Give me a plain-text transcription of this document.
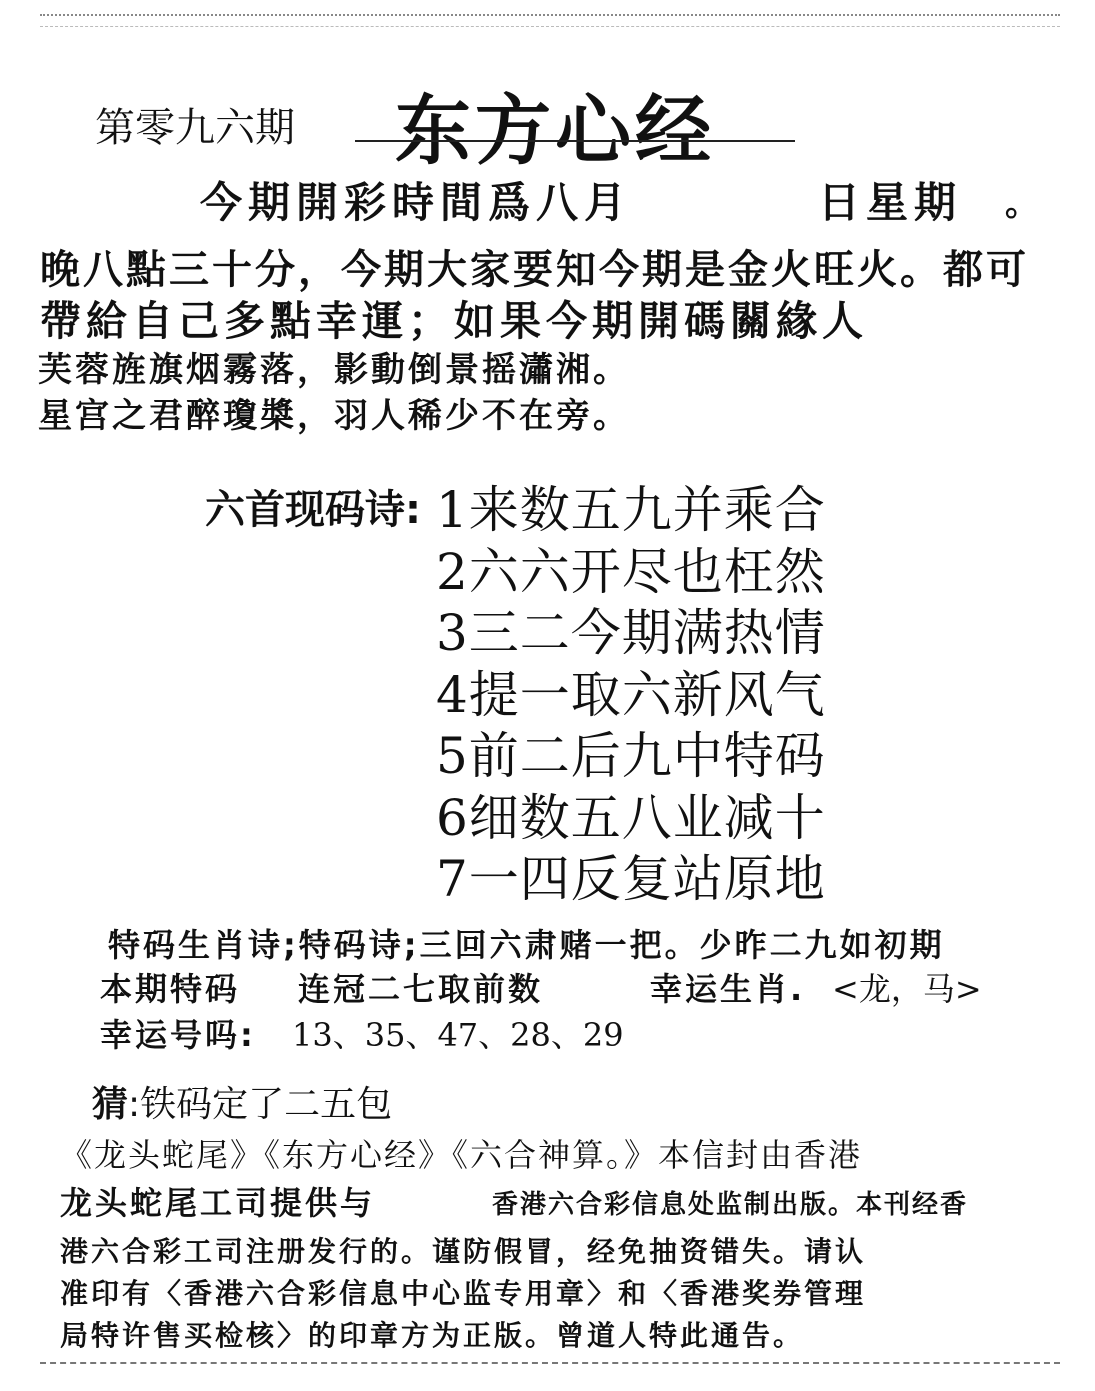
第零九六期 东方心经
今期開彩時間爲八月	日星期 。
晚八點三十分，今期大家要知今期是金火旺火。都可
帶給自己多點幸運；如果今期開碼關緣人
芙蓉旌旗烟霧落，影動倒景摇瀟湘。
星宫之君醉瓊槳，羽人稀少不在旁。
六首现码诗: 1来数五九并乘合
2六六开尽也枉然
3三二今期满热情
4提一取六新风气
5前二后九中特码
6细数五八业减十
7一四反复站原地
特码生肖诗;特码诗;三回六肃赌一把。少昨二九如初期
本期特码 连冠二七取前数	幸运生肖. <龙，马>
幸运号吗: 13、35、47、28、29
猜:铁码定了二五包
《龙头蛇尾》《东方心经》《六合神算。》本信封由香港
龙头蛇尾工司提供与	香港六合彩信息处监制出版。本刊经香
港六合彩工司注册发行的。谨防假冒，经免抽资错失。请认
准印有〈香港六合彩信息中心监专用章〉和〈香港奖券管理
局特许售买检核〉的印章方为正版。曾道人特此通告。
